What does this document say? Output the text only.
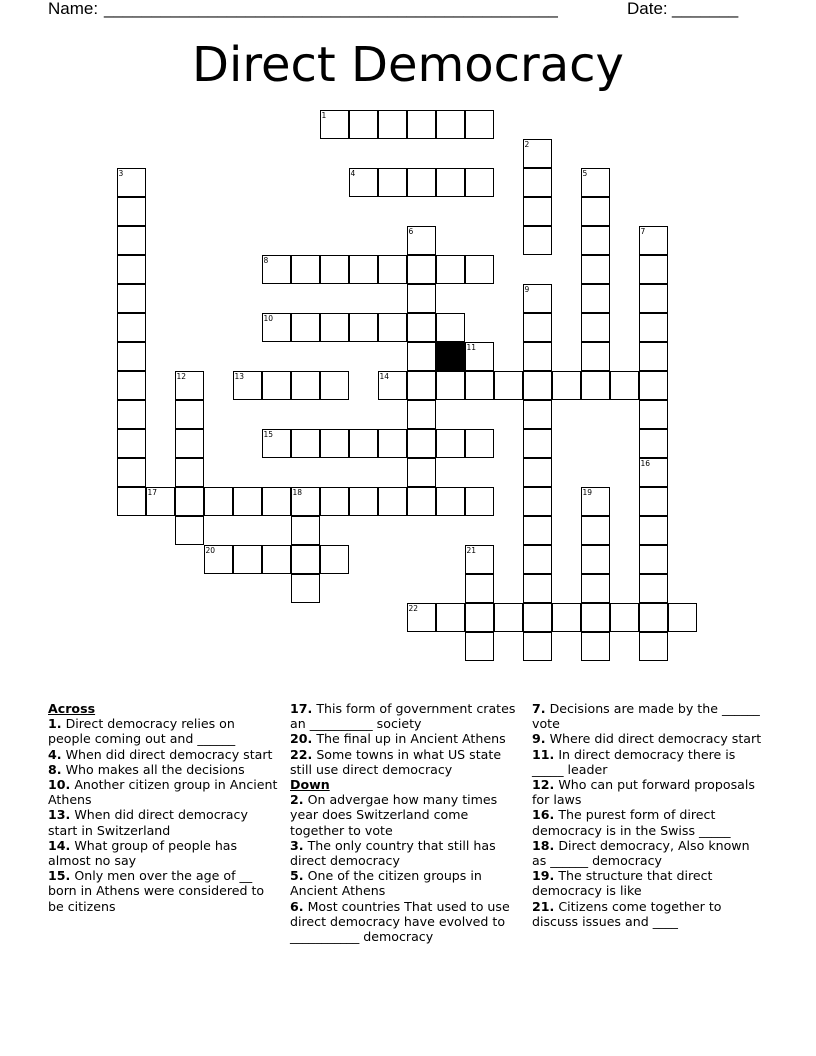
Name: ________________________________________________	Date: _______
Direct Democracy
1
2
3	4	5
6	7
8
9
10
11
12	13	14
15
16
17	18	19
20	21
22
Across
1. Direct democracy relies on people coming out and ______
4. When did direct democracy start
8. Who makes all the decisions
10. Another citizen group in Ancient Athens
13. When did direct democracy start in Switzerland
14. What group of people has almost no say
15. Only men over the age of __ born in Athens were considered to be citizens
17. This form of government crates an __________ society
20. The final up in Ancient Athens
22. Some towns in what US state still use direct democracy
Down
2. On advergae how many times year does Switzerland come together to vote
3. The only country that still has direct democracy
5. One of the citizen groups in Ancient Athens
6. Most countries That used to use direct democracy have evolved to ___________ democracy
7. Decisions are made by the ______ vote
9. Where did direct democracy start
11. In direct democracy there is _____ leader
12. Who can put forward proposals for laws
16. The purest form of direct democracy is in the Swiss _____
18. Direct democracy, Also known as ______ democracy
19. The structure that direct democracy is like
21. Citizens come together to discuss issues and ____
